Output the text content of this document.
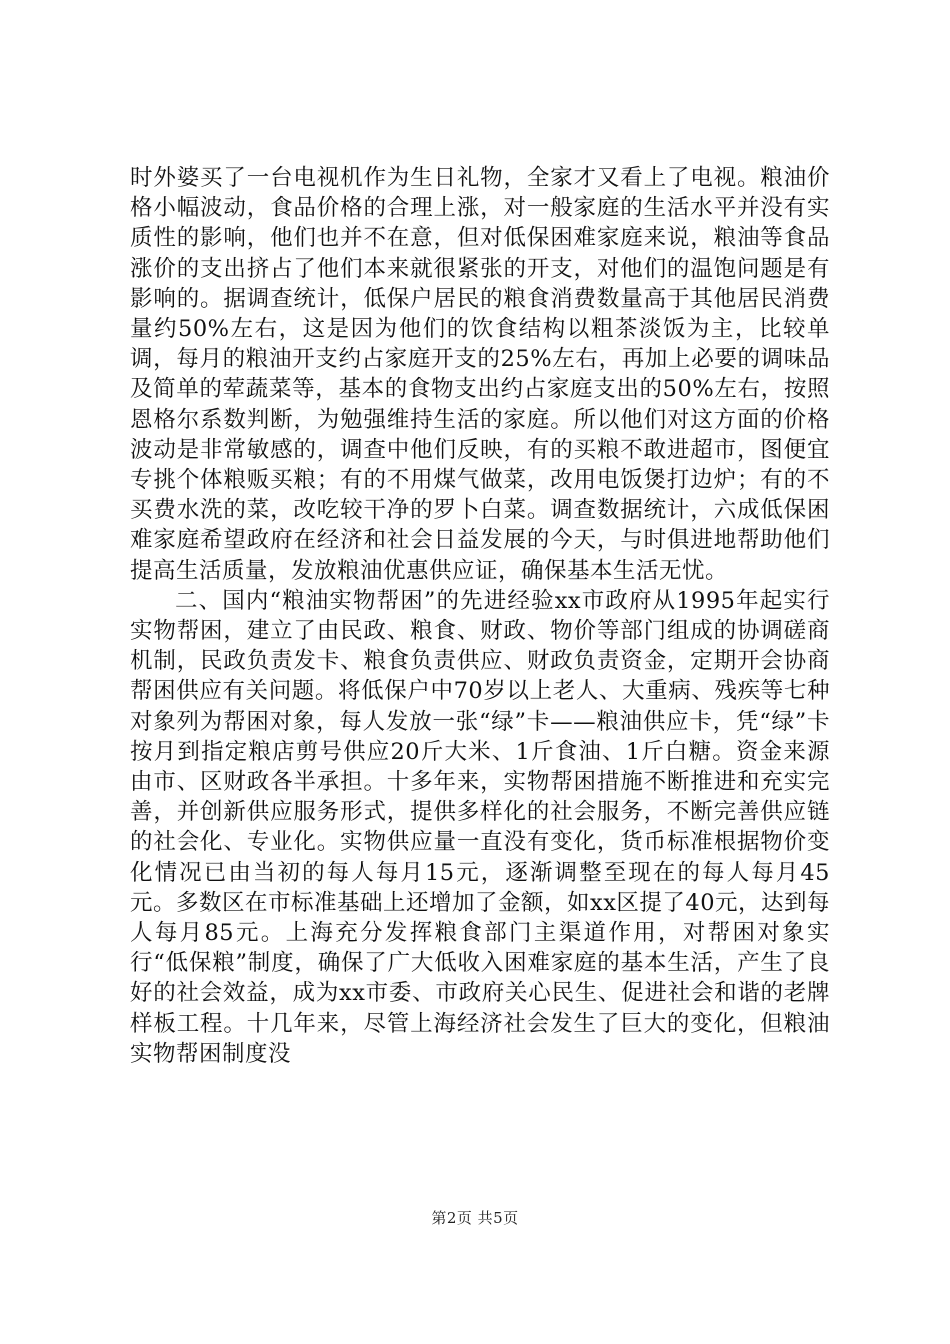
时外婆买了一台电视机作为生日礼物，全家才又看上了电视。粮油价格小幅波动，食品价格的合理上涨，对一般家庭的生活水平并没有实质性的影响，他们也并不在意，但对低保困难家庭来说，粮油等食品涨价的支出挤占了他们本来就很紧张的开支，对他们的温饱问题是有影响的。据调查统计，低保户居民的粮食消费数量高于其他居民消费量约50%左右，这是因为他们的饮食结构以粗茶淡饭为主，比较单调，每月的粮油开支约占家庭开支的25%左右，再加上必要的调味品及简单的荤蔬菜等，基本的食物支出约占家庭支出的50%左右，按照恩格尔系数判断，为勉强维持生活的家庭。所以他们对这方面的价格波动是非常敏感的，调查中他们反映，有的买粮不敢进超市，图便宜专挑个体粮贩买粮；有的不用煤气做菜，改用电饭煲打边炉；有的不买费水洗的菜，改吃较干净的罗卜白菜。调查数据统计，六成低保困难家庭希望政府在经济和社会日益发展的今天，与时俱进地帮助他们提高生活质量，发放粮油优惠供应证，确保基本生活无忧。

二、国内“粮油实物帮困”的先进经验xx市政府从1995年起实行实物帮困，建立了由民政、粮食、财政、物价等部门组成的协调磋商机制，民政负责发卡、粮食负责供应、财政负责资金，定期开会协商帮困供应有关问题。将低保户中70岁以上老人、大重病、残疾等七种对象列为帮困对象，每人发放一张“绿”卡——粮油供应卡，凭“绿”卡按月到指定粮店剪号供应20斤大米、1斤食油、1斤白糖。资金来源由市、区财政各半承担。十多年来，实物帮困措施不断推进和充实完善，并创新供应服务形式，提供多样化的社会服务，不断完善供应链的社会化、专业化。实物供应量一直没有变化，货币标准根据物价变化情况已由当初的每人每月15元，逐渐调整至现在的每人每月45元。多数区在市标准基础上还增加了金额，如xx区提了40元，达到每人每月85元。上海充分发挥粮食部门主渠道作用，对帮困对象实行“低保粮”制度，确保了广大低收入困难家庭的基本生活，产生了良好的社会效益，成为xx市委、市政府关心民生、促进社会和谐的老牌样板工程。十几年来，尽管上海经济社会发生了巨大的变化，但粮油实物帮困制度没

第2页 共5页
